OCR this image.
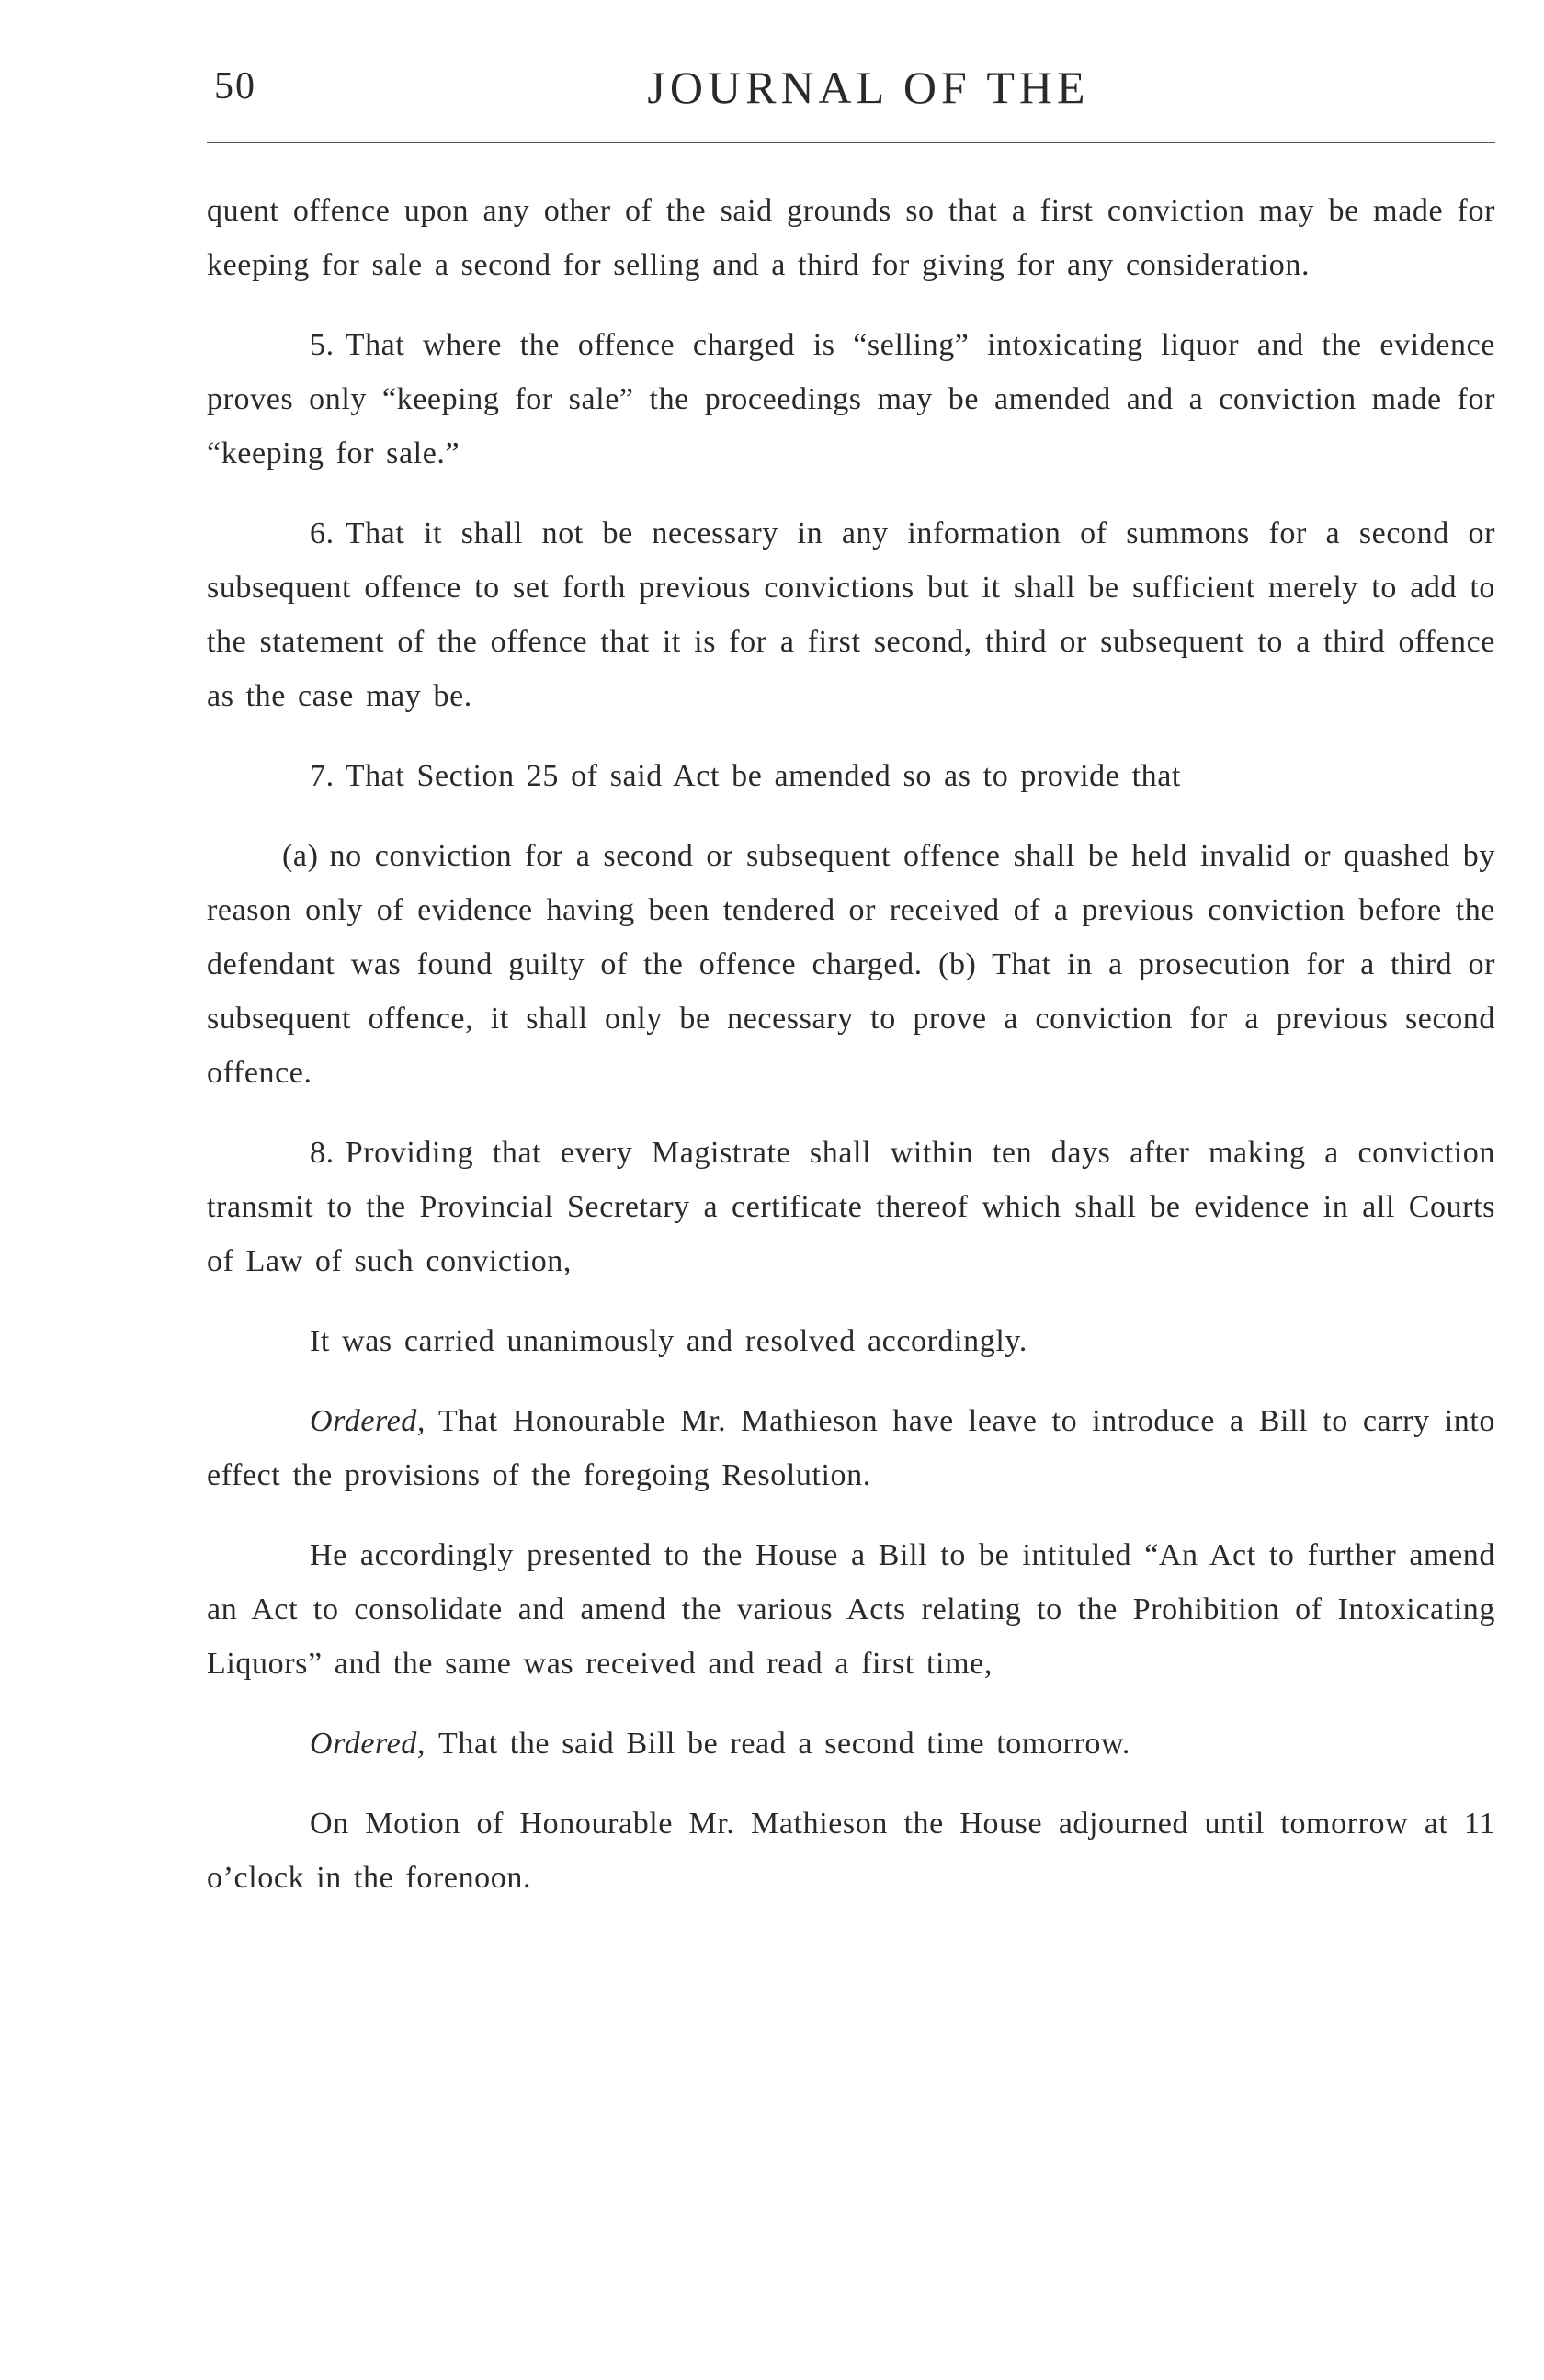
50	JOURNAL OF THE

quent offence upon any other of the said grounds so that a first conviction may be made for keeping for sale a second for selling and a third for giving for any consideration.

5. That where the offence charged is “selling” intoxicating liquor and the evidence proves only “keeping for sale” the proceedings may be amended and a conviction made for “keeping for sale.”

6. That it shall not be necessary in any information of summons for a second or subsequent offence to set forth previous convictions but it shall be sufficient merely to add to the statement of the offence that it is for a first second, third or subsequent to a third offence as the case may be.

7. That Section 25 of said Act be amended so as to provide that

(a) no conviction for a second or subsequent offence shall be held invalid or quashed by reason only of evidence having been tendered or received of a previous conviction before the defendant was found guilty of the offence charged. (b) That in a prosecution for a third or subsequent offence, it shall only be necessary to prove a conviction for a previous second offence.

8. Providing that every Magistrate shall within ten days after making a conviction transmit to the Provincial Secretary a certificate thereof which shall be evidence in all Courts of Law of such conviction,

It was carried unanimously and resolved accordingly.

Ordered, That Honourable Mr. Mathieson have leave to introduce a Bill to carry into effect the provisions of the foregoing Resolution.

He accordingly presented to the House a Bill to be intituled “An Act to further amend an Act to consolidate and amend the various Acts relating to the Prohibition of Intoxicating Liquors” and the same was received and read a first time,

Ordered, That the said Bill be read a second time tomorrow.

On Motion of Honourable Mr. Mathieson the House adjourned until tomorrow at 11 o’clock in the forenoon.
